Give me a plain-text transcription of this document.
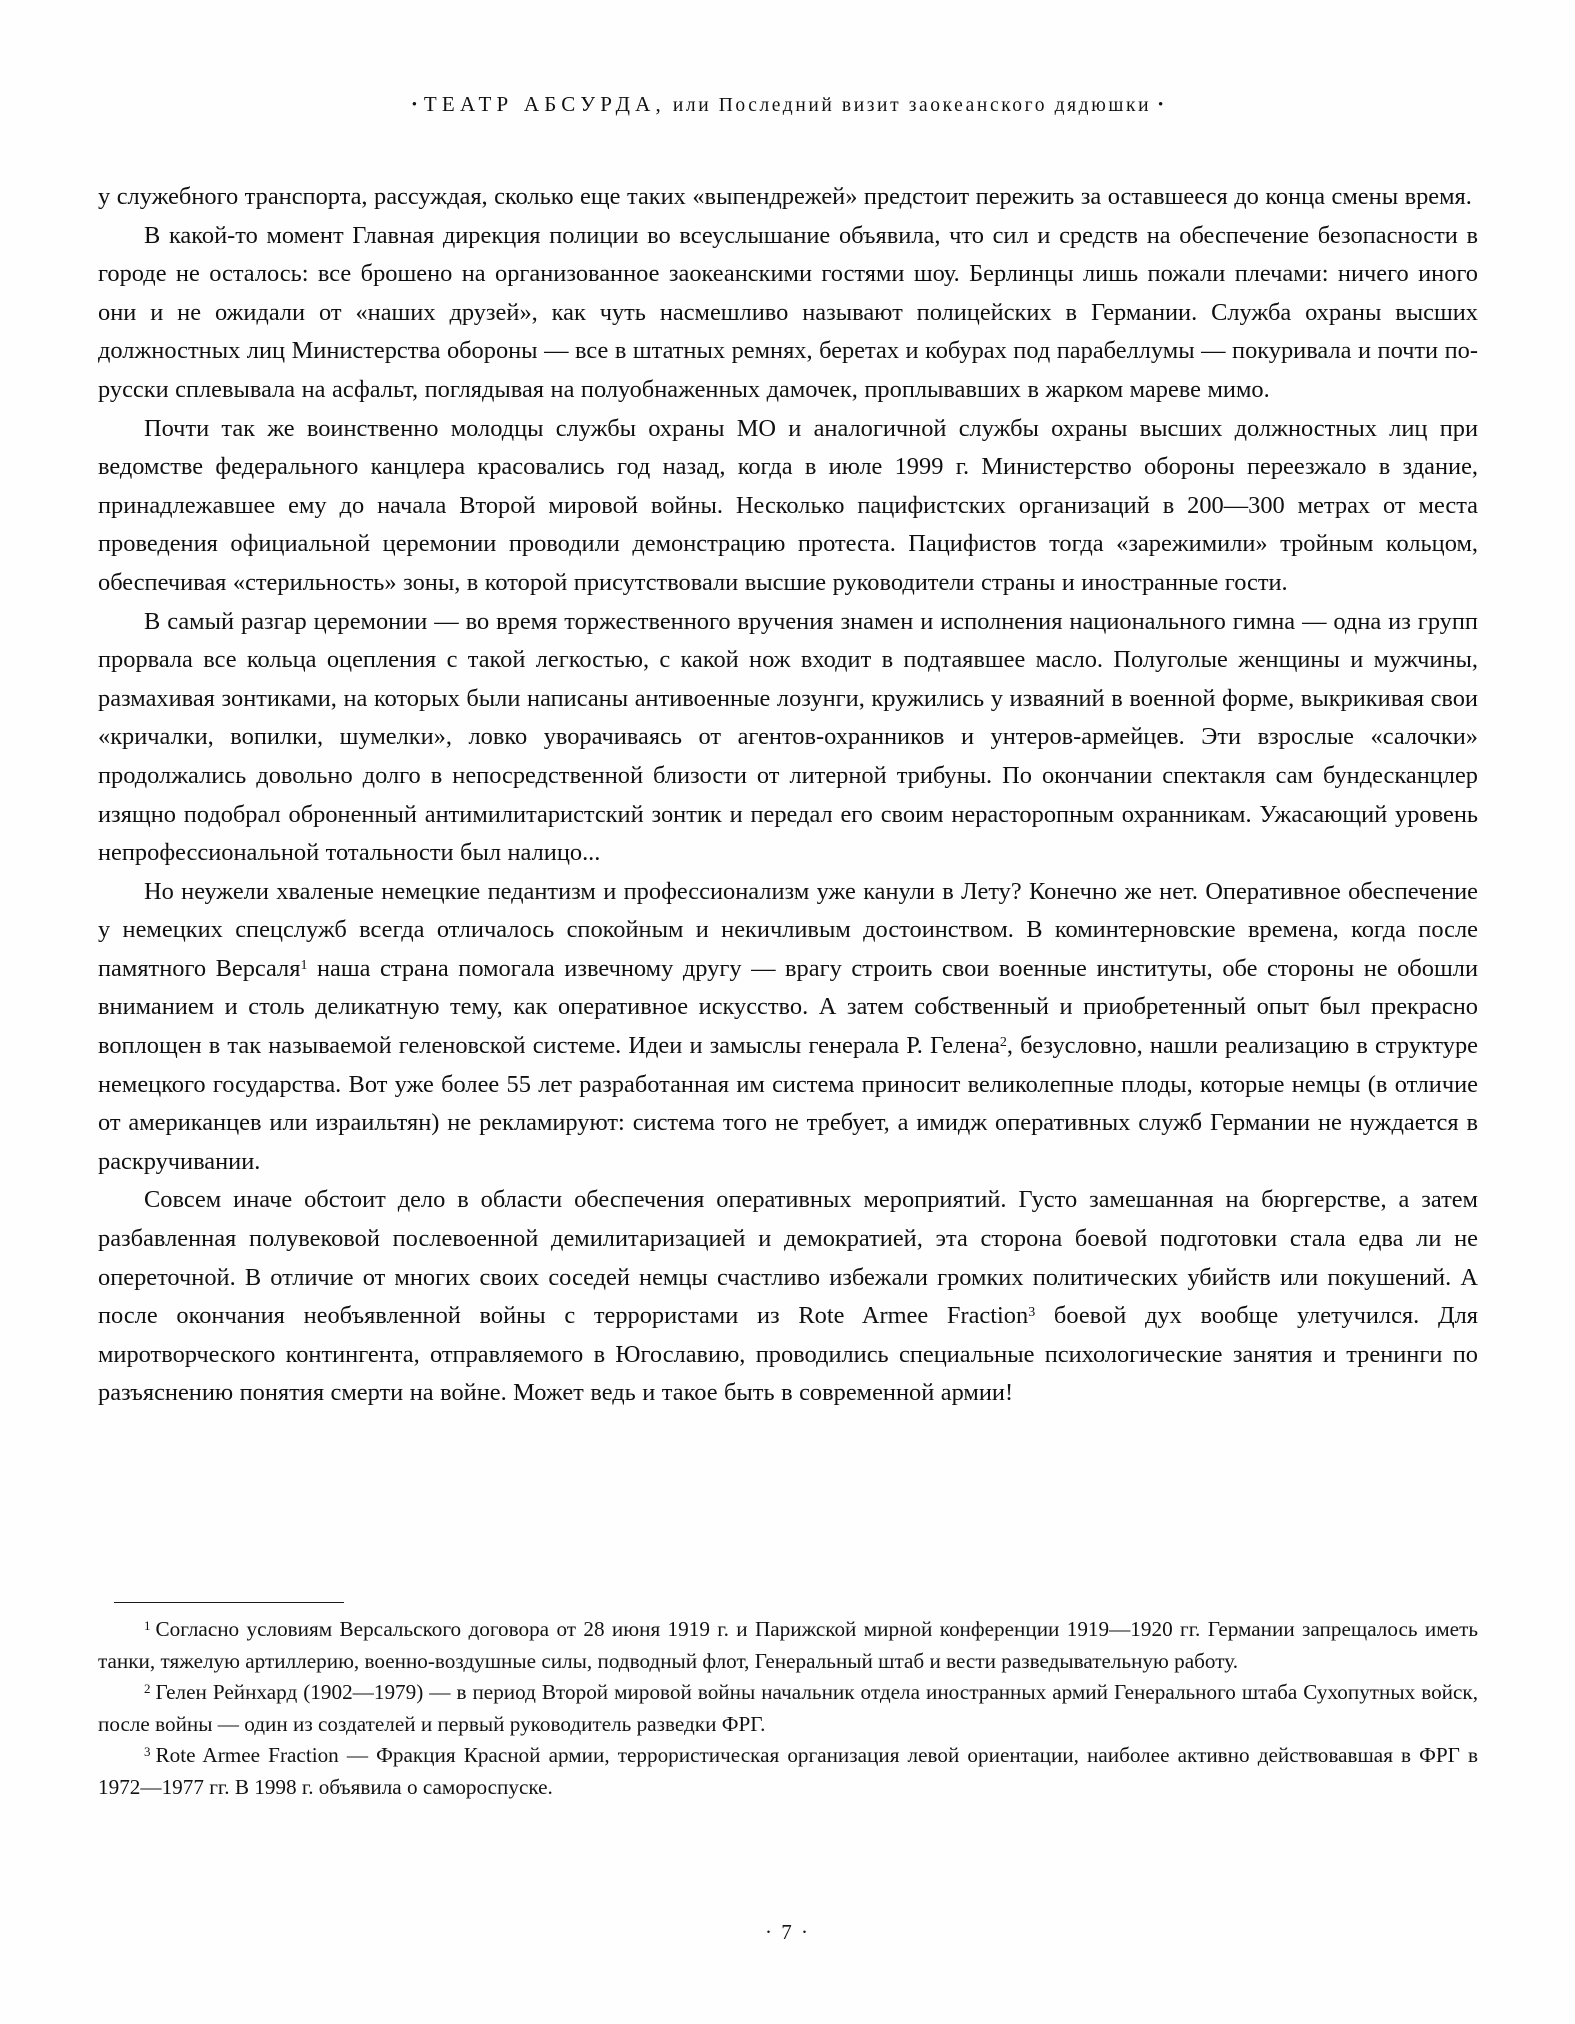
• ТЕАТР АБСУРДА, или Последний визит заокеанского дядюшки •

у служебного транспорта, рассуждая, сколько еще таких «выпендрежей» предстоит пережить за оставшееся до конца смены время.

В какой-то момент Главная дирекция полиции во всеуслышание объявила, что сил и средств на обеспечение безопасности в городе не осталось: все брошено на организованное заокеанскими гостями шоу. Берлинцы лишь пожали плечами: ничего иного они и не ожидали от «наших друзей», как чуть насмешливо называют полицейских в Германии. Служба охраны высших должностных лиц Министерства обороны — все в штатных ремнях, беретах и кобурах под парабеллумы — покуривала и почти по-русски сплевывала на асфальт, поглядывая на полуобнаженных дамочек, проплывавших в жарком мареве мимо.

Почти так же воинственно молодцы службы охраны МО и аналогичной службы охраны высших должностных лиц при ведомстве федерального канцлера красовались год назад, когда в июле 1999 г. Министерство обороны переезжало в здание, принадлежавшее ему до начала Второй мировой войны. Несколько пацифистских организаций в 200—300 метрах от места проведения официальной церемонии проводили демонстрацию протеста. Пацифистов тогда «зарежимили» тройным кольцом, обеспечивая «стерильность» зоны, в которой присутствовали высшие руководители страны и иностранные гости.

В самый разгар церемонии — во время торжественного вручения знамен и исполнения национального гимна — одна из групп прорвала все кольца оцепления с такой легкостью, с какой нож входит в подтаявшее масло. Полуголые женщины и мужчины, размахивая зонтиками, на которых были написаны антивоенные лозунги, кружились у изваяний в военной форме, выкрикивая свои «кричалки, вопилки, шумелки», ловко уворачиваясь от агентов-охранников и унтеров-армейцев. Эти взрослые «салочки» продолжались довольно долго в непосредственной близости от литерной трибуны. По окончании спектакля сам бундесканцлер изящно подобрал оброненный антимилитаристский зонтик и передал его своим нерасторопным охранникам. Ужасающий уровень непрофессиональной тотальности был налицо...

Но неужели хваленые немецкие педантизм и профессионализм уже канули в Лету? Конечно же нет. Оперативное обеспечение у немецких спецслужб всегда отличалось спокойным и некичливым достоинством. В коминтерновские времена, когда после памятного Версаля$^1$ наша страна помогала извечному другу — врагу строить свои военные институты, обе стороны не обошли вниманием и столь деликатную тему, как оперативное искусство. А затем собственный и приобретенный опыт был прекрасно воплощен в так называемой геленовской системе. Идеи и замыслы генерала Р. Гелена$^2$, безусловно, нашли реализацию в структуре немецкого государства. Вот уже более 55 лет разработанная им система приносит великолепные плоды, которые немцы (в отличие от американцев или израильтян) не рекламируют: система того не требует, а имидж оперативных служб Германии не нуждается в раскручивании.

Совсем иначе обстоит дело в области обеспечения оперативных мероприятий. Густо замешанная на бюргерстве, а затем разбавленная полувековой послевоенной демилитаризацией и демократией, эта сторона боевой подготовки стала едва ли не опереточной. В отличие от многих своих соседей немцы счастливо избежали громких политических убийств или покушений. А после окончания необъявленной войны с террористами из Rote Armee Fraction$^3$ боевой дух вообще улетучился. Для миротворческого контингента, отправляемого в Югославию, проводились специальные психологические занятия и тренинги по разъяснению понятия смерти на войне. Может ведь и такое быть в современной армии!

$^1$ Согласно условиям Версальского договора от 28 июня 1919 г. и Парижской мирной конференции 1919—1920 гг. Германии запрещалось иметь танки, тяжелую артиллерию, военно-воздушные силы, подводный флот, Генеральный штаб и вести разведывательную работу.

$^2$ Гелен Рейнхард (1902—1979) — в период Второй мировой войны начальник отдела иностранных армий Генерального штаба Сухопутных войск, после войны — один из создателей и первый руководитель разведки ФРГ.

$^3$ Rote Armee Fraction — Фракция Красной армии, террористическая организация левой ориентации, наиболее активно действовавшая в ФРГ в 1972—1977 гг. В 1998 г. объявила о самороспуске.

· 7 ·
